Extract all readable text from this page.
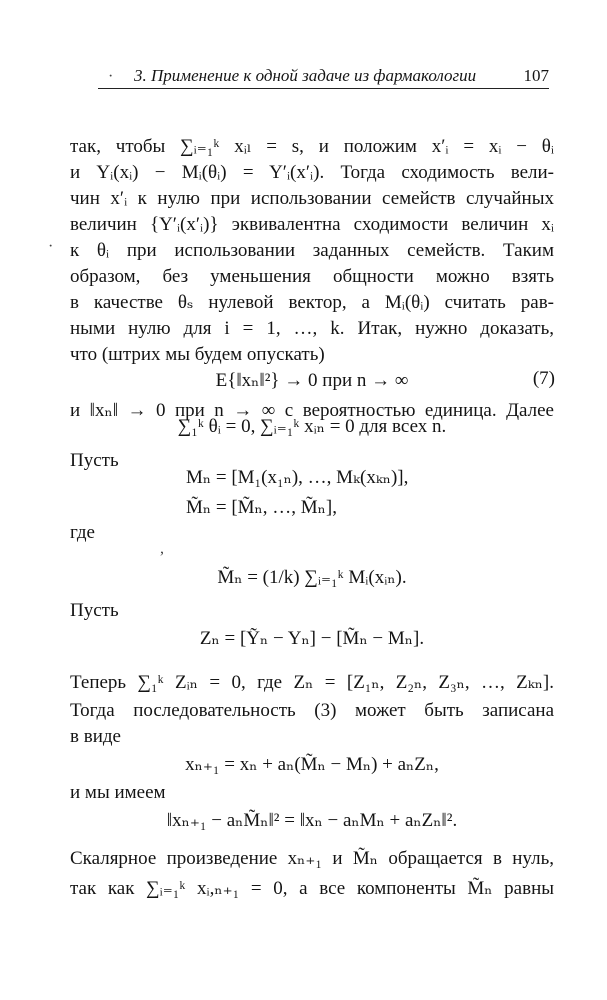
3. Применение к одной задаче из фармакологии	107
так, чтобы ∑ᵢ₌₁ᵏ xᵢₗ = s, и положим x′ᵢ = xᵢ − θᵢ
и Yᵢ(xᵢ) − Mᵢ(θᵢ) = Y′ᵢ(x′ᵢ). Тогда сходимость вели-
чин x′ᵢ к нулю при использовании семейств случайных
величин {Y′ᵢ(x′ᵢ)} эквивалентна сходимости величин xᵢ
к θᵢ при использовании заданных семейств. Таким
образом, без уменьшения общности можно взять
в качестве θₛ нулевой вектор, а Mᵢ(θᵢ) считать рав-
ными нулю для i = 1, …, k. Итак, нужно доказать,
что (штрих мы будем опускать)
E{‖xₙ‖²} → 0 при n → ∞	(7)
и ‖xₙ‖ → 0 при n → ∞ с вероятностью единица. Далее
∑₁ᵏ θᵢ = 0, ∑ᵢ₌₁ᵏ xᵢₙ = 0 для всех n.
Пусть
Mₙ = [M₁(x₁ₙ), …, Mₖ(xₖₙ)],
M̃ₙ = [M̃ₙ, …, M̃ₙ],
где
M̃ₙ = (1/k) ∑ᵢ₌₁ᵏ Mᵢ(xᵢₙ).
Пусть
Zₙ = [Ỹₙ − Yₙ] − [M̃ₙ − Mₙ].
Теперь ∑₁ᵏ Zᵢₙ = 0, где Zₙ = [Z₁ₙ, Z₂ₙ, Z₃ₙ, …, Zₖₙ].
Тогда последовательность (3) может быть записана
в виде
xₙ₊₁ = xₙ + aₙ(M̃ₙ − Mₙ) + aₙZₙ,
и мы имеем
‖xₙ₊₁ − aₙM̃ₙ‖² = ‖xₙ − aₙMₙ + aₙZₙ‖².
Скалярное произведение xₙ₊₁ и M̃ₙ обращается в нуль,
так как ∑ᵢ₌₁ᵏ xᵢ,ₙ₊₁ = 0, а все компоненты M̃ₙ равны
·
·
,
